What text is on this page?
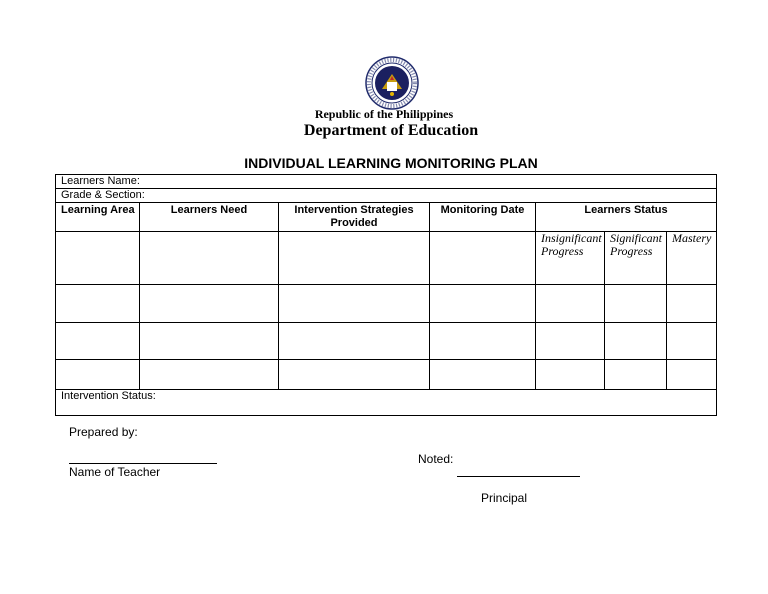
Republic of the Philippines
Department of Education
INDIVIDUAL LEARNING MONITORING PLAN
Learners Name:						
Grade & Section:						
Learning Area	Learners Need	Intervention Strategies Provided	Monitoring Date	Learners Status		
				Insignificant Progress	Significant Progress	Mastery

Intervention Status:						
Prepared by:
Name of Teacher
Noted:
Principal
